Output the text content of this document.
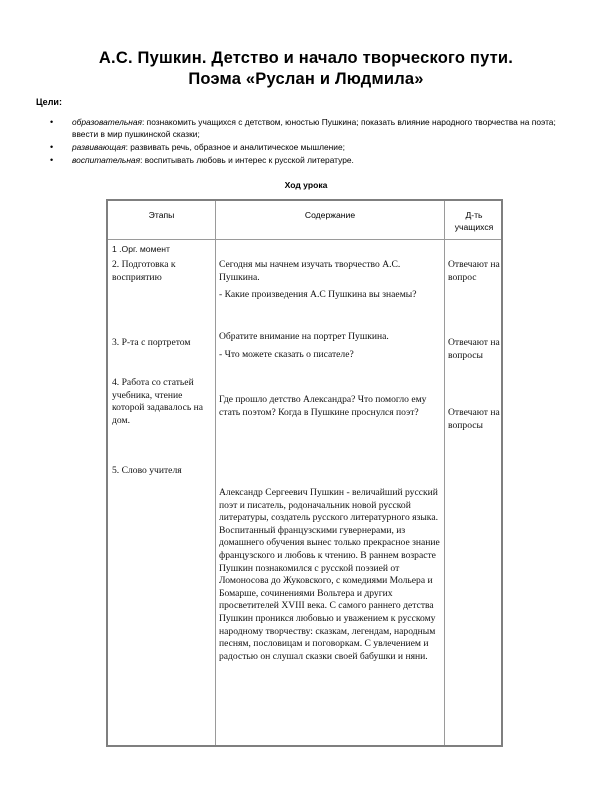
А.С. Пушкин. Детство и начало творческого пути.
Поэма «Руслан и Людмила»
Цели:
• образовательная: познакомить учащихся с детством, юностью Пушкина; показать влияние народного творчества на поэта; ввести в мир пушкинской сказки;
• развивающая: развивать речь, образное и аналитическое мышление;
• воспитательная: воспитывать любовь и интерес к русской литературе.
Ход урока
Этапы	Содержание	Д-ть учащихся
1 .Орг. момент
2. Подготовка к восприятию
3. Р-та с портретом
4. Работа со статьей учебника, чтение которой задавалось на дом.
5. Слово учителя

Сегодня мы начнем изучать творчество А.С. Пушкина.

- Какие произведения А.С Пушкина вы знаемы?

Обратите внимание на портрет Пушкина.

- Что можете сказать о писателе?

Где прошло детство Александра? Что помогло ему стать поэтом? Когда в Пушкине проснулся поэт?

Александр Сергеевич Пушкин - величайший русский поэт и писатель, родоначальник новой русской литературы, создатель русского литературного языка. Воспитанный французскими гувернерами, из домашнего обучения вынес только прекрасное знание французского и любовь к чтению. В раннем возрасте Пушкин познакомился с русской поэзией от Ломоносова до Жуковского, с комедиями Мольера и Бомарше, сочинениями Вольтера и других просветителей XVIII века. С самого раннего детства Пушкин проникся любовью и уважением к русскому народному творчеству: сказкам, легендам, народным песням, пословицам и поговоркам. С увлечением и радостью он слушал сказки своей бабушки и няни.

Отвечают на вопрос
Отвечают на вопросы
Отвечают на вопросы
